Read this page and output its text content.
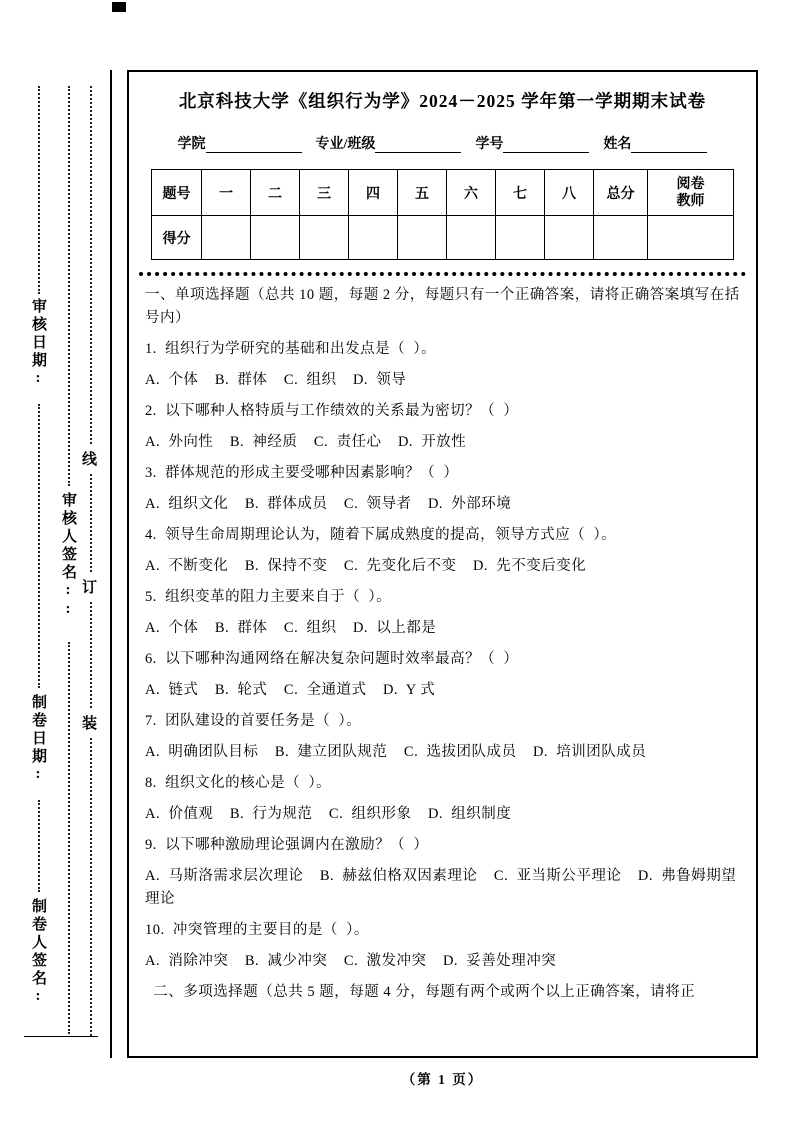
审核日期:
制卷日期:
制卷人签名:
审核人签名::
线
订
装
北京科技大学《组织行为学》2024－2025 学年第一学期期末试卷
学院	专业/班级	学号	姓名
题号	一	二	三	四	五	六	七	八	总分	阅卷
教师

得分										

一、单项选择题（总共 10 题，每题 2 分，每题只有一个正确答案，请将正确答案填写在括号内）

1.  组织行为学研究的基础和出发点是（  ）。

A.  个体    B.  群体    C.  组织    D.  领导

2.  以下哪种人格特质与工作绩效的关系最为密切？（  ）

A.  外向性    B.  神经质    C.  责任心    D.  开放性

3.  群体规范的形成主要受哪种因素影响？（  ）

A.  组织文化    B.  群体成员    C.  领导者    D.  外部环境

4.  领导生命周期理论认为，随着下属成熟度的提高，领导方式应（  ）。

A.  不断变化    B.  保持不变    C.  先变化后不变    D.  先不变后变化

5.  组织变革的阻力主要来自于（  ）。

A.  个体    B.  群体    C.  组织    D.  以上都是

6.  以下哪种沟通网络在解决复杂问题时效率最高？（  ）

A.  链式    B.  轮式    C.  全通道式    D.  Y 式

7.  团队建设的首要任务是（  ）。

A.  明确团队目标    B.  建立团队规范    C.  选拔团队成员    D.  培训团队成员

8.  组织文化的核心是（  ）。

A.  价值观    B.  行为规范    C.  组织形象    D.  组织制度

9.  以下哪种激励理论强调内在激励？（  ）

A.  马斯洛需求层次理论    B.  赫兹伯格双因素理论    C.  亚当斯公平理论    D.  弗鲁姆期望理论

10.  冲突管理的主要目的是（  ）。

A.  消除冲突    B.  减少冲突    C.  激发冲突    D.  妥善处理冲突

二、多项选择题（总共 5 题，每题 4 分，每题有两个或两个以上正确答案，请将正

（第 1 页）
